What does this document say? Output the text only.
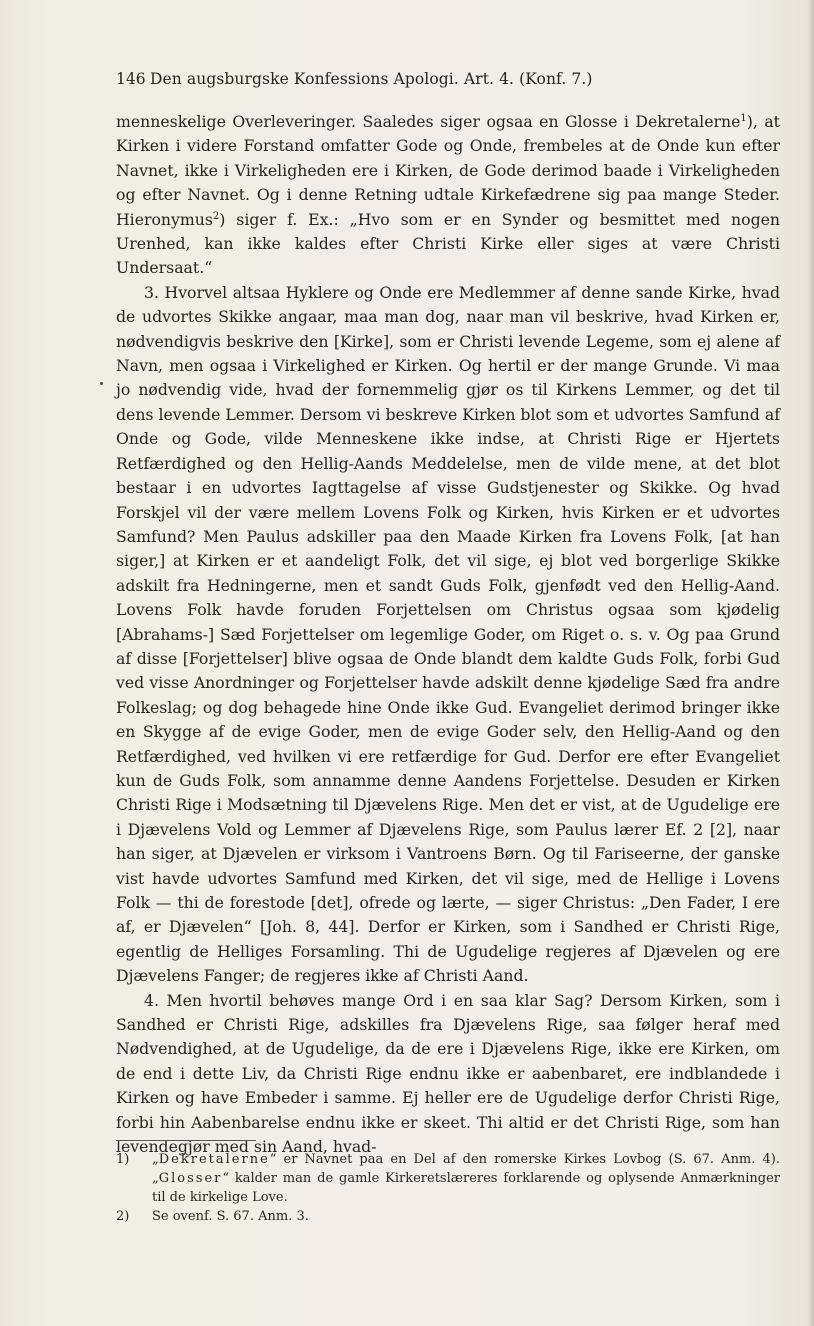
146 Den augsburgske Konfessions Apologi. Art. 4. (Konf. 7.)

menneskelige Overleveringer. Saaledes siger ogsaa en Glosse i Dekretalerne$^1$), at Kirken i videre Forstand omfatter Gode og Onde, frembeles at de Onde kun efter Navnet, ikke i Virkeligheden ere i Kirken, de Gode derimod baade i Virkeligheden og efter Navnet. Og i denne Retning udtale Kirkefædrene sig paa mange Steder. Hieronymus$^2$) siger f. Ex.: „Hvo som er en Synder og besmittet med nogen Urenhed, kan ikke kaldes efter Christi Kirke eller siges at være Christi Undersaat.“

3. Hvorvel altsaa Hyklere og Onde ere Medlemmer af denne sande Kirke, hvad de udvortes Skikke angaar, maa man dog, naar man vil beskrive, hvad Kirken er, nødvendigvis beskrive den [Kirke], som er Christi levende Legeme, som ej alene af Navn, men ogsaa i Virkelighed er Kirken. Og hertil er der mange Grunde. Vi maa jo nødvendig vide, hvad der fornemmelig gjør os til Kirkens Lemmer, og det til dens levende Lemmer. Dersom vi beskreve Kirken blot som et udvortes Samfund af Onde og Gode, vilde Menneskene ikke indse, at Christi Rige er Hjertets Retfærdighed og den Hellig-Aands Meddelelse, men de vilde mene, at det blot bestaar i en udvortes Iagttagelse af visse Gudstjenester og Skikke. Og hvad Forskjel vil der være mellem Lovens Folk og Kirken, hvis Kirken er et udvortes Samfund? Men Paulus adskiller paa den Maade Kirken fra Lovens Folk, [at han siger,] at Kirken er et aandeligt Folk, det vil sige, ej blot ved borgerlige Skikke adskilt fra Hedningerne, men et sandt Guds Folk, gjenfødt ved den Hellig-Aand. Lovens Folk havde foruden Forjettelsen om Christus ogsaa som kjødelig [Abrahams-] Sæd Forjettelser om legemlige Goder, om Riget o. s. v. Og paa Grund af disse [Forjettelser] blive ogsaa de Onde blandt dem kaldte Guds Folk, forbi Gud ved visse Anordninger og Forjettelser havde adskilt denne kjødelige Sæd fra andre Folkeslag; og dog behagede hine Onde ikke Gud. Evangeliet derimod bringer ikke en Skygge af de evige Goder, men de evige Goder selv, den Hellig-Aand og den Retfærdighed, ved hvilken vi ere retfærdige for Gud. Derfor ere efter Evangeliet kun de Guds Folk, som annamme denne Aandens Forjettelse. Desuden er Kirken Christi Rige i Modsætning til Djævelens Rige. Men det er vist, at de Ugudelige ere i Djævelens Vold og Lemmer af Djævelens Rige, som Paulus lærer Ef. 2 [2], naar han siger, at Djævelen er virksom i Vantroens Børn. Og til Fariseerne, der ganske vist havde udvortes Samfund med Kirken, det vil sige, med de Hellige i Lovens Folk — thi de forestode [det], ofrede og lærte, — siger Christus: „Den Fader, I ere af, er Djævelen“ [Joh. 8, 44]. Derfor er Kirken, som i Sandhed er Christi Rige, egentlig de Helliges Forsamling. Thi de Ugudelige regjeres af Djævelen og ere Djævelens Fanger; de regjeres ikke af Christi Aand.

4. Men hvortil behøves mange Ord i en saa klar Sag? Dersom Kirken, som i Sandhed er Christi Rige, adskilles fra Djævelens Rige, saa følger heraf med Nødvendighed, at de Ugudelige, da de ere i Djævelens Rige, ikke ere Kirken, om de end i dette Liv, da Christi Rige endnu ikke er aabenbaret, ere indblandede i Kirken og have Embeder i samme. Ej heller ere de Ugudelige derfor Christi Rige, forbi hin Aabenbarelse endnu ikke er skeet. Thi altid er det Christi Rige, som han levendegjør med sin Aand, hvad-

1) „Dekretalerne“ er Navnet paa en Del af den romerske Kirkes Lovbog (S. 67. Anm. 4). „Glosser“ kalder man de gamle Kirkeretslæreres forklarende og oplysende Anmærkninger til de kirkelige Love.
2) Se ovenf. S. 67. Anm. 3.
